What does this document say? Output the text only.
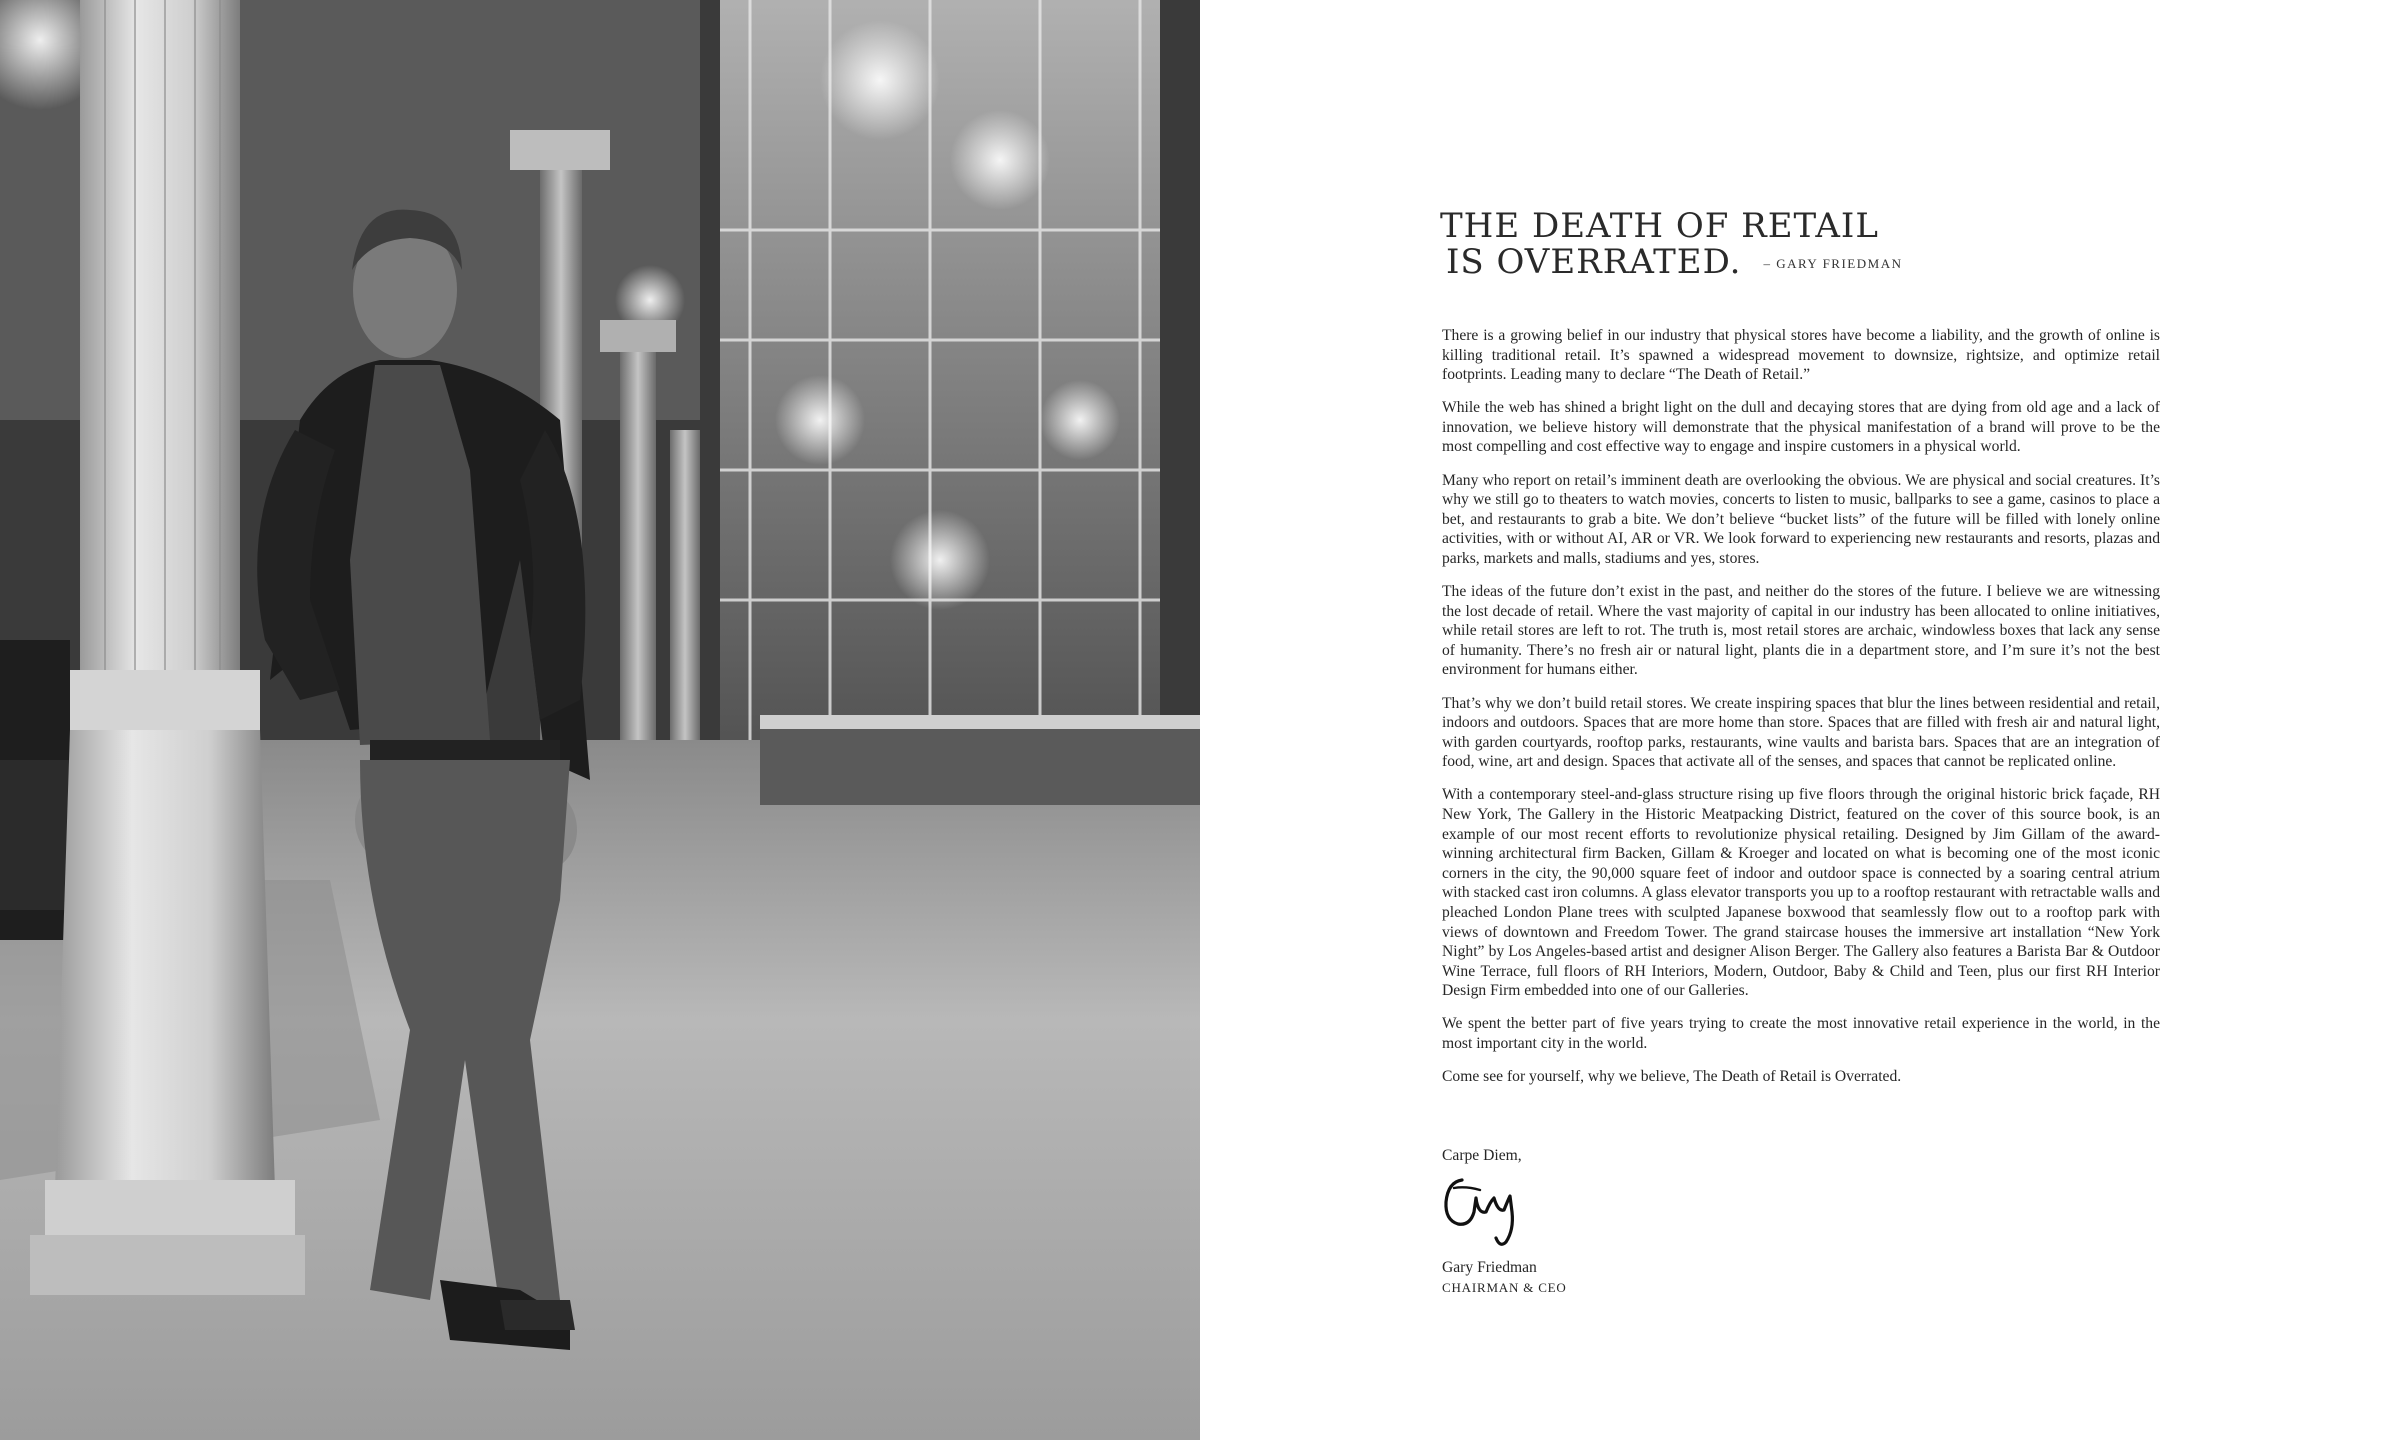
THE DEATH OF RETAIL
IS OVERRATED. – GARY FRIEDMAN

There is a growing belief in our industry that physical stores have become a liability, and the growth of online is killing traditional retail. It’s spawned a widespread movement to downsize, rightsize, and optimize retail footprints. Leading many to declare “The Death of Retail.”

While the web has shined a bright light on the dull and decaying stores that are dying from old age and a lack of innovation, we believe history will demonstrate that the physical manifestation of a brand will prove to be the most compelling and cost effective way to engage and inspire customers in a physical world.

Many who report on retail’s imminent death are overlooking the obvious. We are physical and social creatures. It’s why we still go to theaters to watch movies, concerts to listen to music, ballparks to see a game, casinos to place a bet, and restaurants to grab a bite. We don’t believe “bucket lists” of the future will be filled with lonely online activities, with or without AI, AR or VR. We look forward to experiencing new restaurants and resorts, plazas and parks, markets and malls, stadiums and yes, stores.

The ideas of the future don’t exist in the past, and neither do the stores of the future. I believe we are witnessing the lost decade of retail. Where the vast majority of capital in our industry has been allocated to online initiatives, while retail stores are left to rot. The truth is, most retail stores are archaic, windowless boxes that lack any sense of humanity. There’s no fresh air or natural light, plants die in a department store, and I’m sure it’s not the best environment for humans either.

That’s why we don’t build retail stores. We create inspiring spaces that blur the lines between residential and retail, indoors and outdoors. Spaces that are more home than store. Spaces that are filled with fresh air and natural light, with garden courtyards, rooftop parks, restaurants, wine vaults and barista bars. Spaces that are an integration of food, wine, art and design. Spaces that activate all of the senses, and spaces that cannot be replicated online.

With a contemporary steel-and-glass structure rising up five floors through the original historic brick façade, RH New York, The Gallery in the Historic Meatpacking District, featured on the cover of this source book, is an example of our most recent efforts to revolutionize physical retailing. Designed by Jim Gillam of the award-winning architectural firm Backen, Gillam & Kroeger and located on what is becoming one of the most iconic corners in the city, the 90,000 square feet of indoor and outdoor space is connected by a soaring central atrium with stacked cast iron columns. A glass elevator transports you up to a rooftop restaurant with retractable walls and pleached London Plane trees with sculpted Japanese boxwood that seamlessly flow out to a rooftop park with views of downtown and Freedom Tower. The grand staircase houses the immersive art installation “New York Night” by Los Angeles-based artist and designer Alison Berger. The Gallery also features a Barista Bar & Outdoor Wine Terrace, full floors of RH Interiors, Modern, Outdoor, Baby & Child and Teen, plus our first RH Interior Design Firm embedded into one of our Galleries.

We spent the better part of five years trying to create the most innovative retail experience in the world, in the most important city in the world.

Come see for yourself, why we believe, The Death of Retail is Overrated.

Carpe Diem,
Gary Friedman
CHAIRMAN & CEO
